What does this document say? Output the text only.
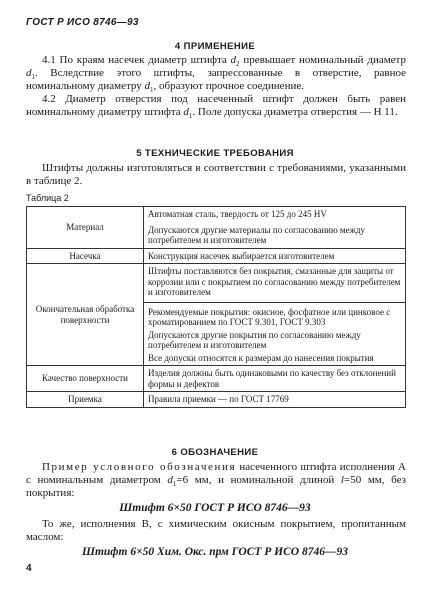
ГОСТ Р ИСО 8746—93
4 ПРИМЕНЕНИЕ

4.1 По краям насечек диаметр штифта $d_2$ превышает номинальный диаметр $d_1$. Вследствие этого штифты, запрессованные в отверстие, равное номинальному диаметру $d_1$, образуют прочное соединение.

4.2 Диаметр отверстия под насеченный штифт должен быть равен номинальному диаметру штифта $d_1$. Поле допуска диаметра отверстия — Н 11.

5 ТЕХНИЧЕСКИЕ ТРЕБОВАНИЯ

Штифты должны изготовляться в соответствии с требованиями, указанными в таблице 2.

Таблица 2
Материал	Автоматная сталь, твердость от 125 до 245 HV
Допускаются другие материалы по согласованию между потребителем и изготовителем

Насечка	Конструкция насечек выбирается изготовителем

Окончательная обработка поверхности	Штифты поставляются без покрытия, смазанные для защиты от коррозии или с покрытием по согласованию между потребителем и изготовителем
Рекомендуемые покрытия: окисное, фосфатное или цинковое с хроматированием по ГОСТ 9.301, ГОСТ 9.303
Допускаются другие покрытия по согласованию между потребителем и изготовителем
Все допуски относятся к размерам до нанесения покрытия

Качество поверхности	Изделия должны быть одинаковыми по качеству без отклонений формы и дефектов

Приемка	Правила приемки — по ГОСТ 17769
6 ОБОЗНАЧЕНИЕ

Пример условного обозначения насеченного штифта исполнения А с номинальным диаметром $d_1=6$ мм, и номинальной длиной l=50 мм, без покрытия:

Штифт 6×50 ГОСТ Р ИСО 8746—93

То же, исполнения В, с химическим окисным покрытием, пропитанным маслом:

Штифт 6×50 Хим. Окс. прм ГОСТ Р ИСО 8746—93
4
